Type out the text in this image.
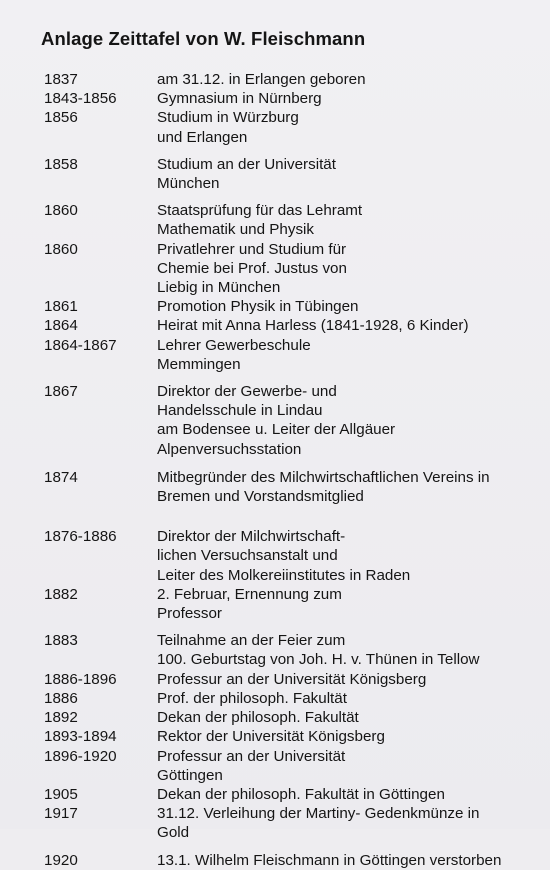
Anlage Zeittafel von W. Fleischmann
1837	am 31.12. in Erlangen geboren
1843-1856	Gymnasium in Nürnberg
1856	Studium in Würzburg
und Erlangen
1858	Studium an der Universität
München
1860	Staatsprüfung für das Lehramt
Mathematik und Physik
1860	Privatlehrer und Studium für
Chemie bei Prof. Justus von
Liebig in München
1861	Promotion Physik in Tübingen
1864	Heirat mit Anna Harless (1841-1928, 6 Kinder)
1864-1867	Lehrer Gewerbeschule
Memmingen
1867	Direktor der Gewerbe- und
Handelsschule in Lindau
am Bodensee u. Leiter der Allgäuer
Alpenversuchsstation
1874	Mitbegründer des Milchwirtschaftlichen Vereins in
Bremen und Vorstandsmitglied
1876-1886	Direktor der Milchwirtschaft-
lichen Versuchsanstalt und
Leiter des Molkereiinstitutes in Raden
1882	2. Februar, Ernennung zum
Professor
1883	Teilnahme an der Feier zum
100. Geburtstag von Joh. H. v. Thünen in Tellow
1886-1896	Professur an der Universität Königsberg
1886	Prof. der philosoph. Fakultät
1892	Dekan der philosoph. Fakultät
1893-1894	Rektor der Universität Königsberg
1896-1920	Professur an der Universität
Göttingen
1905	Dekan der philosoph. Fakultät in Göttingen
1917	31.12. Verleihung der Martiny- Gedenkmünze in
Gold
1920	13.1. Wilhelm Fleischmann in Göttingen verstorben
